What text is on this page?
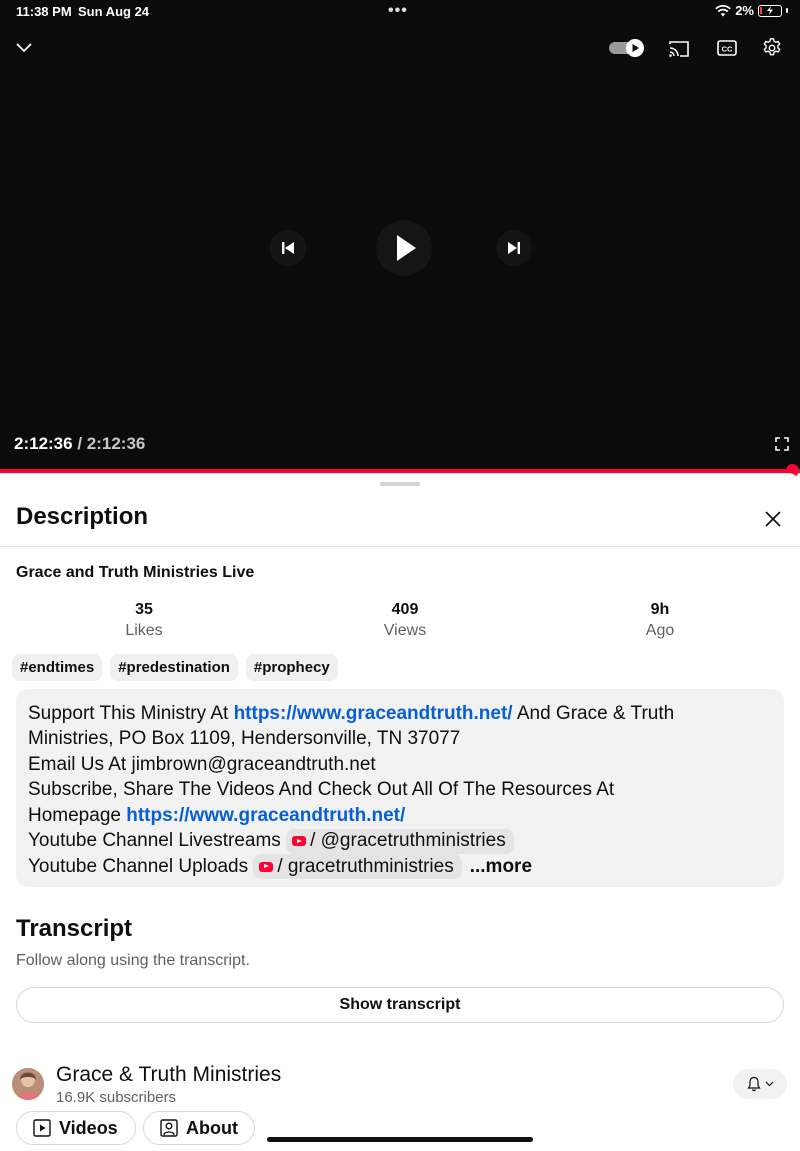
11:38 PM Sun Aug 24	•••	2%
CC
2:12:36 / 2:12:36
Description
Grace and Truth Ministries Live
35
Likes
409
Views
9h
Ago
#endtimes	#predestination	#prophecy
Support This Ministry At https://www.graceandtruth.net/ And Grace & Truth
Ministries, PO Box 1109, Hendersonville, TN 37077
Email Us At jimbrown@graceandtruth.net
Subscribe, Share The Videos And Check Out All Of The Resources At
Homepage https://www.graceandtruth.net/
Youtube Channel Livestreams / @gracetruthministries
Youtube Channel Uploads / gracetruthministries ...more
Transcript
Follow along using the transcript.
Show transcript
Grace & Truth Ministries
16.9K subscribers
Videos	About
